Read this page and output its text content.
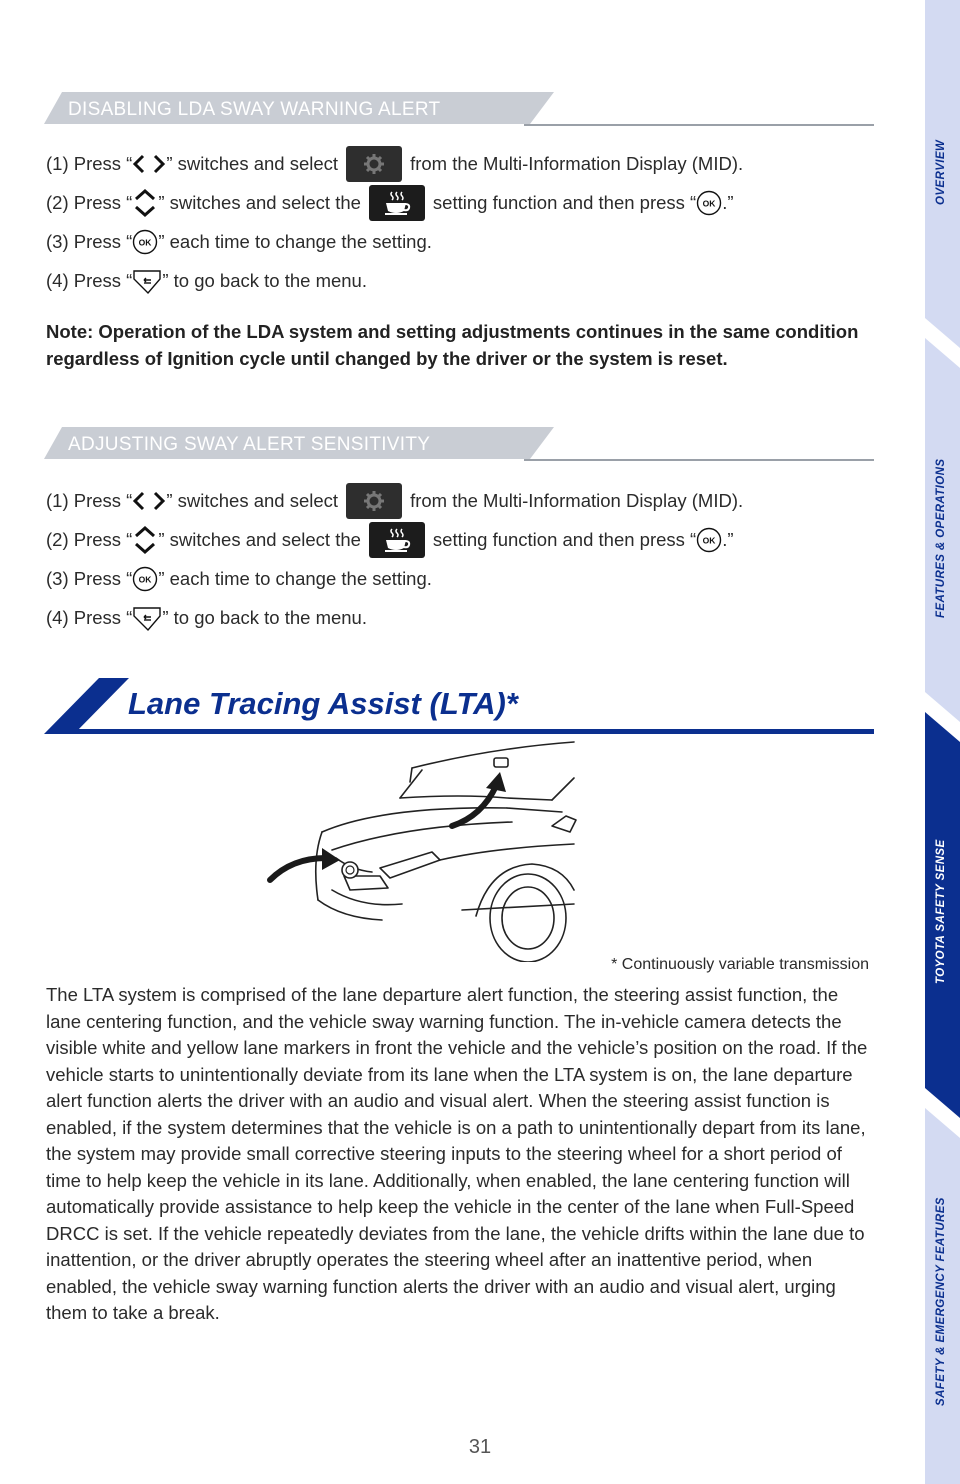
DISABLING LDA SWAY WARNING ALERT
(1) Press “ ” switches and select	from the Multi-Information Display (MID).
(2) Press “ ” switches and select the	setting function and then press “ OK .”
(3) Press “ OK ” each time to change the setting.
(4) Press “ ” to go back to the menu.
Note: Operation of the LDA system and setting adjustments continues in the same condition regardless of Ignition cycle until changed by the driver or the system is reset.
ADJUSTING SWAY ALERT SENSITIVITY
(1) Press “ ” switches and select	from the Multi-Information Display (MID).
(2) Press “ ” switches and select the	setting function and then press “ OK .”
(3) Press “ OK ” each time to change the setting.
(4) Press “ ” to go back to the menu.
Lane Tracing Assist (LTA)*
* Continuously variable transmission
The LTA system is comprised of the lane departure alert function, the steering assist function, the lane centering function, and the vehicle sway warning function. The in-vehicle camera detects the visible white and yellow lane markers in front the vehicle and the vehicle’s position on the road. If the vehicle starts to unintentionally deviate from its lane when the LTA system is on, the lane departure alert function alerts the driver with an audio and visual alert. When the steering assist function is enabled, if the system determines that the vehicle is on a path to unintentionally depart from its lane, the system may provide small corrective steering inputs to the steering wheel for a short period of time to help keep the vehicle in its lane. Additionally, when enabled, the lane centering function will automatically provide assistance to help keep the vehicle in the center of the lane when Full-Speed DRCC is set. If the vehicle repeatedly deviates from the lane, the vehicle drifts within the lane due to inattention, or the driver abruptly operates the steering wheel after an inattentive period, when enabled, the vehicle sway warning function alerts the driver with an audio and visual alert, urging them to take a break.
31
OVERVIEW
FEATURES & OPERATIONS
TOYOTA SAFETY SENSE
SAFETY & EMERGENCY FEATURES
